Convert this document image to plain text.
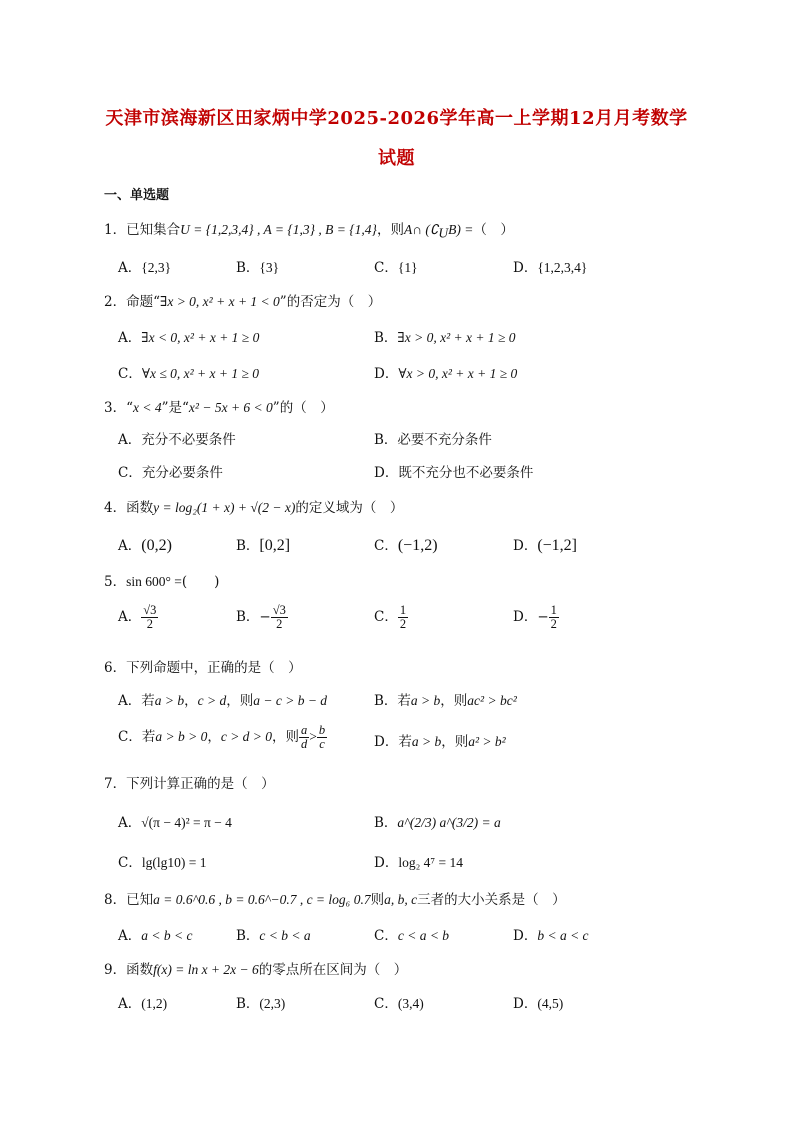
天津市滨海新区田家炳中学2025-2026学年高一上学期12月月考数学
试题
一、单选题
1．已知集合U = {1,2,3,4} , A = {1,3} , B = {1,4}，则A∩ $(∁_UB)$ =（　）
A．{2,3}	B．{3}	C．{1}	D．{1,2,3,4}
2．命题“∃x > 0, x² + x + 1 < 0”的否定为（　）
A．∃x < 0, x² + x + 1 ≥ 0	B．∃x > 0, x² + x + 1 ≥ 0
C．∀x ≤ 0, x² + x + 1 ≥ 0	D．∀x > 0, x² + x + 1 ≥ 0
3．“x < 4”是“x² − 5x + 6 < 0”的（　）
A．充分不必要条件	B．必要不充分条件
C．充分必要条件	D．既不充分也不必要条件
4．函数y = log₂(1 + x) + √(2 − x)的定义域为（　）
A．(0,2)	B．[0,2]	C．(−1,2)	D．(−1,2]
5．sin 600° =(　　)
A． $\frac{√3}{2}$	B．− $\frac{√3}{2}$	C． $\frac{1}{2}$	D．− $\frac{1}{2}$
6．下列命题中，正确的是（　）
A．若a > b，c > d，则a − c > b − d	B．若a > b，则ac² > bc²
C．若a > b > 0，c > d > 0，则 $\frac{a}{d} > \frac{b}{c}$	D．若a > b，则a² > b²
7．下列计算正确的是（　）
A．√(π − 4)² = π − 4	B．a^(2/3) a^(3/2) = a
C．lg(lg10) = 1	D．log₂ 4⁷ = 14
8．已知a = 0.6^0.6 , b = 0.6^−0.7 , c = log₆ 0.7则a, b, c三者的大小关系是（　）
A．a < b < c	B．c < b < a	C．c < a < b	D．b < a < c
9．函数f(x) = ln x + 2x − 6的零点所在区间为（　）
A．(1,2)	B．(2,3)	C．(3,4)	D．(4,5)
